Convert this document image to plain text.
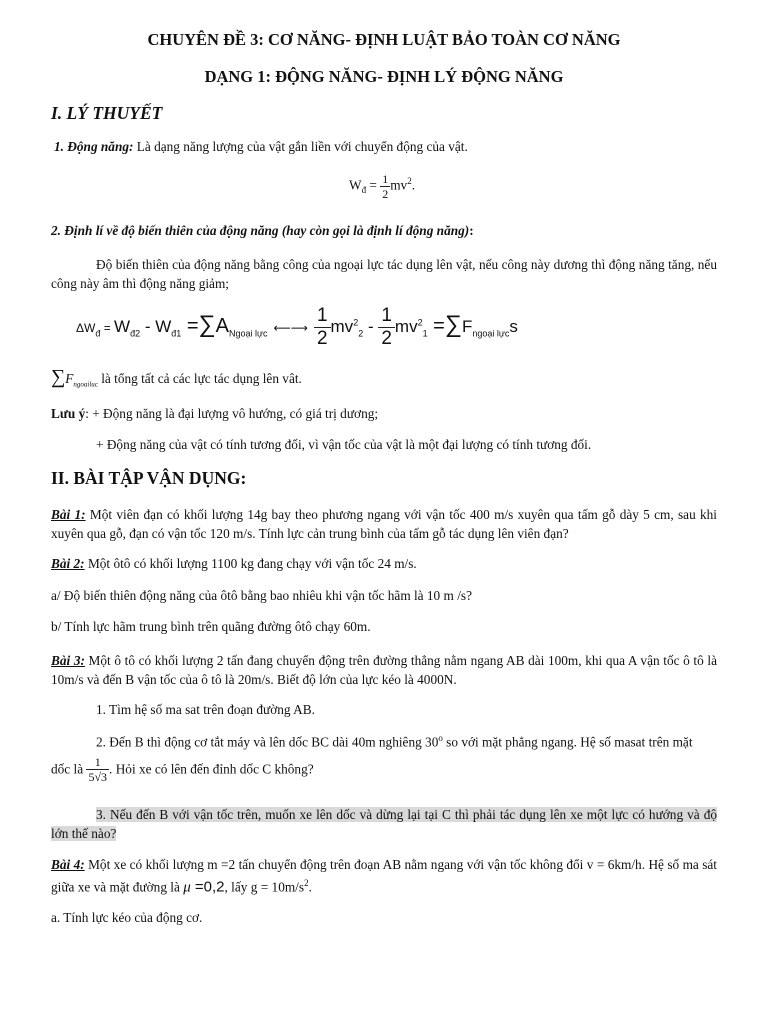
CHUYÊN ĐỀ 3: CƠ NĂNG- ĐỊNH LUẬT BẢO TOÀN CƠ NĂNG
DẠNG 1: ĐỘNG NĂNG- ĐỊNH LÝ ĐỘNG NĂNG
I. LÝ THUYẾT
1. Động năng: Là dạng năng lượng của vật gắn liền với chuyển động của vật.
$W_đ = \frac{1}{2} mv^2$.
2. Định lí về độ biến thiên của động năng (hay còn gọi là định lí động năng):
Độ biến thiên của động năng bằng công của ngoại lực tác dụng lên vật, nếu công này dương thì động năng tăng, nếu công này âm thì động năng giảm;
$\Delta W_đ = W_{đ2} - W_{đ1} =\sum A_{Ngoại lực}$ ⟵⟶ $\frac{1}{2} mv^2_2 - \frac{1}{2} mv^2_1 =\sum F_{ngoại lực}s$
$\sum F_{ngoailuc}$ là tổng tất cả các lực tác dụng lên vât.
Lưu ý: + Động năng là đại lượng vô hướng, có giá trị dương;
+ Động năng của vật có tính tương đối, vì vận tốc của vật là một đại lượng có tính tương đối.
II. BÀI TẬP VẬN DỤNG:
Bài 1: Một viên đạn có khối lượng 14g bay theo phương ngang với vận tốc 400 m/s xuyên qua tấm gỗ dày 5 cm, sau khi xuyên qua gỗ, đạn có vận tốc 120 m/s. Tính lực cản trung bình của tấm gỗ tác dụng lên viên đạn?
Bài 2: Một ôtô có khối lượng 1100 kg đang chạy với vận tốc 24 m/s.
a/ Độ biến thiên động năng của ôtô bằng bao nhiêu khi vận tốc hãm là 10 m /s?
b/ Tính lực hãm trung bình trên quãng đường ôtô chạy 60m.
Bài 3: Một ô tô có khối lượng 2 tấn đang chuyển động trên đường thẳng nằm ngang AB dài 100m, khi qua A vận tốc ô tô là 10m/s và đến B vận tốc của ô tô là 20m/s. Biết độ lớn của lực kéo là 4000N.
1. Tìm hệ số ma sat trên đoạn đường AB.
2. Đến B thì động cơ tắt máy và lên dốc BC dài 40m nghiêng 30$^o$ so với mặt phẳng ngang. Hệ số masat trên mặt
dốc là $\frac{1}{5√3}$ . Hỏi xe có lên đến đỉnh dốc C không?
3. Nếu đến B với vận tốc trên, muốn xe lên dốc và dừng lại tại C thì phải tác dụng lên xe một lực có hướng và độ lớn thế nào?
Bài 4: Một xe có khối lượng m =2 tấn chuyển động trên đoạn AB nằm ngang với vận tốc không đổi v = 6km/h. Hệ số ma sát giữa xe và mặt đường là μ =0,2, lấy $g = 10m/s^2$.
a. Tính lực kéo của động cơ.
